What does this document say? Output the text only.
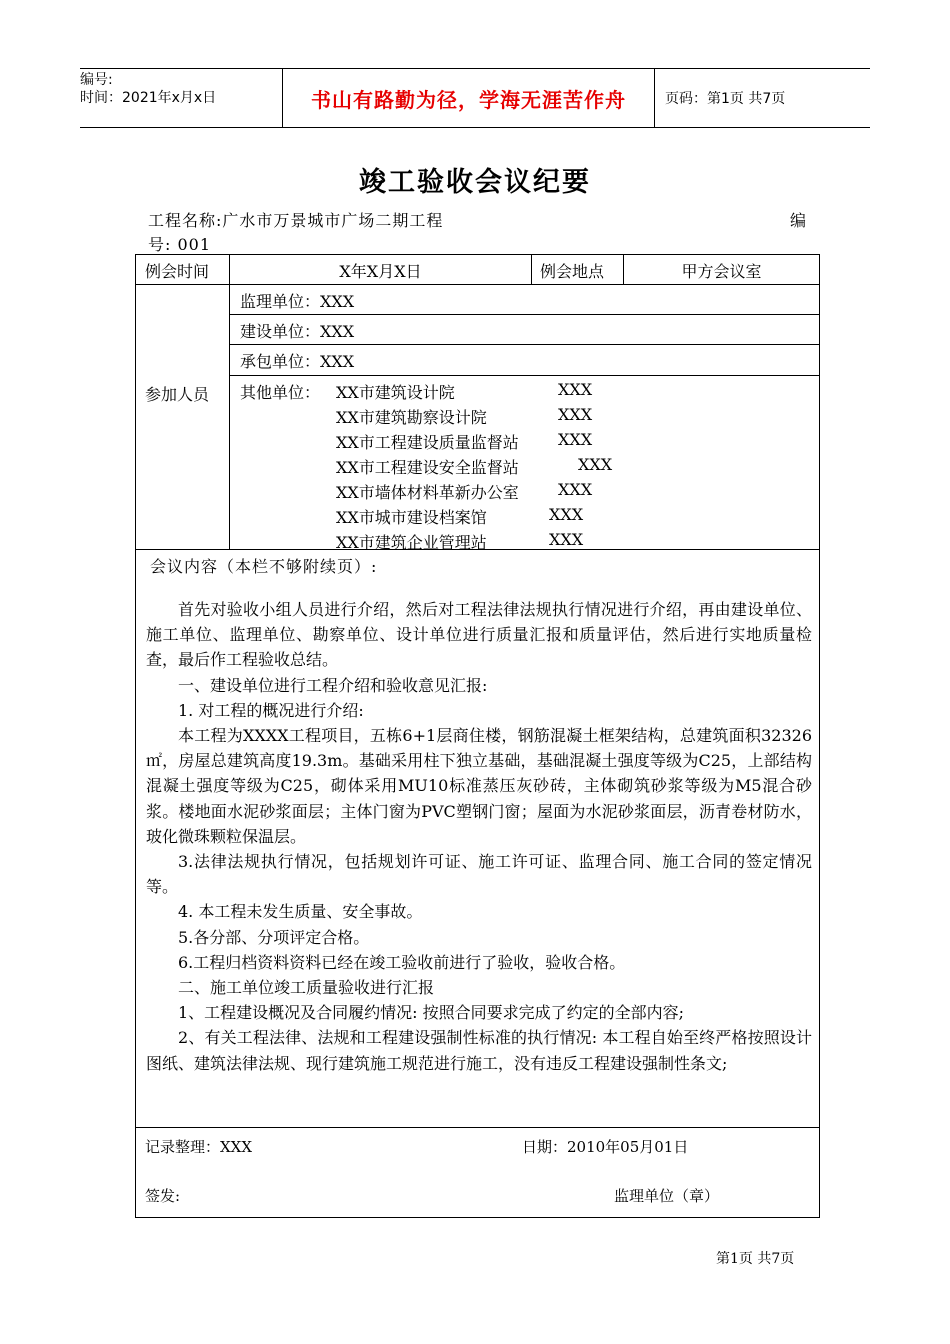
编号:
时间：2021年x月x日	书山有路勤为径，学海无涯苦作舟	页码：第1页 共7页
竣工验收会议纪要
工程名称:广水市万景城市广场二期工程	编
号: 001
例会时间	X年X月X日	例会地点	甲方会议室
参加人员
监理单位：XXX
建设单位：XXX
承包单位：XXX
其他单位： XX市建筑设计院	XXX
XX市建筑勘察设计院	XXX
XX市工程建设质量监督站 XXX
XX市工程建设安全监督站	XXX
XX市墙体材料革新办公室 XXX
XX市城市建设档案馆	XXX
XX市建筑企业管理站	XXX
会议内容（本栏不够附续页）:

首先对验收小组人员进行介绍，然后对工程法律法规执行情况进行介绍，再由建设单位、施工单位、监理单位、勘察单位、设计单位进行质量汇报和质量评估，然后进行实地质量检查，最后作工程验收总结。

一、建设单位进行工程介绍和验收意见汇报:

1. 对工程的概况进行介绍:

本工程为XXXX工程项目，五栋6+1层商住楼，钢筋混凝土框架结构，总建筑面积32326㎡，房屋总建筑高度19.3m。基础采用柱下独立基础，基础混凝土强度等级为C25，上部结构混凝土强度等级为C25，砌体采用MU10标准蒸压灰砂砖，主体砌筑砂浆等级为M5混合砂浆。楼地面水泥砂浆面层；主体门窗为PVC塑钢门窗；屋面为水泥砂浆面层，沥青卷材防水，玻化微珠颗粒保温层。

3.法律法规执行情况，包括规划许可证、施工许可证、监理合同、施工合同的签定情况等。

4. 本工程未发生质量、安全事故。

5.各分部、分项评定合格。

6.工程归档资料资料已经在竣工验收前进行了验收，验收合格。

二、施工单位竣工质量验收进行汇报

1、工程建设概况及合同履约情况: 按照合同要求完成了约定的全部内容;

2、有关工程法律、法规和工程建设强制性标准的执行情况: 本工程自始至终严格按照设计图纸、建筑法律法规、现行建筑施工规范进行施工，没有违反工程建设强制性条文;

记录整理：XXX	日期：2010年05月01日
签发:	监理单位（章）
第1页 共7页
